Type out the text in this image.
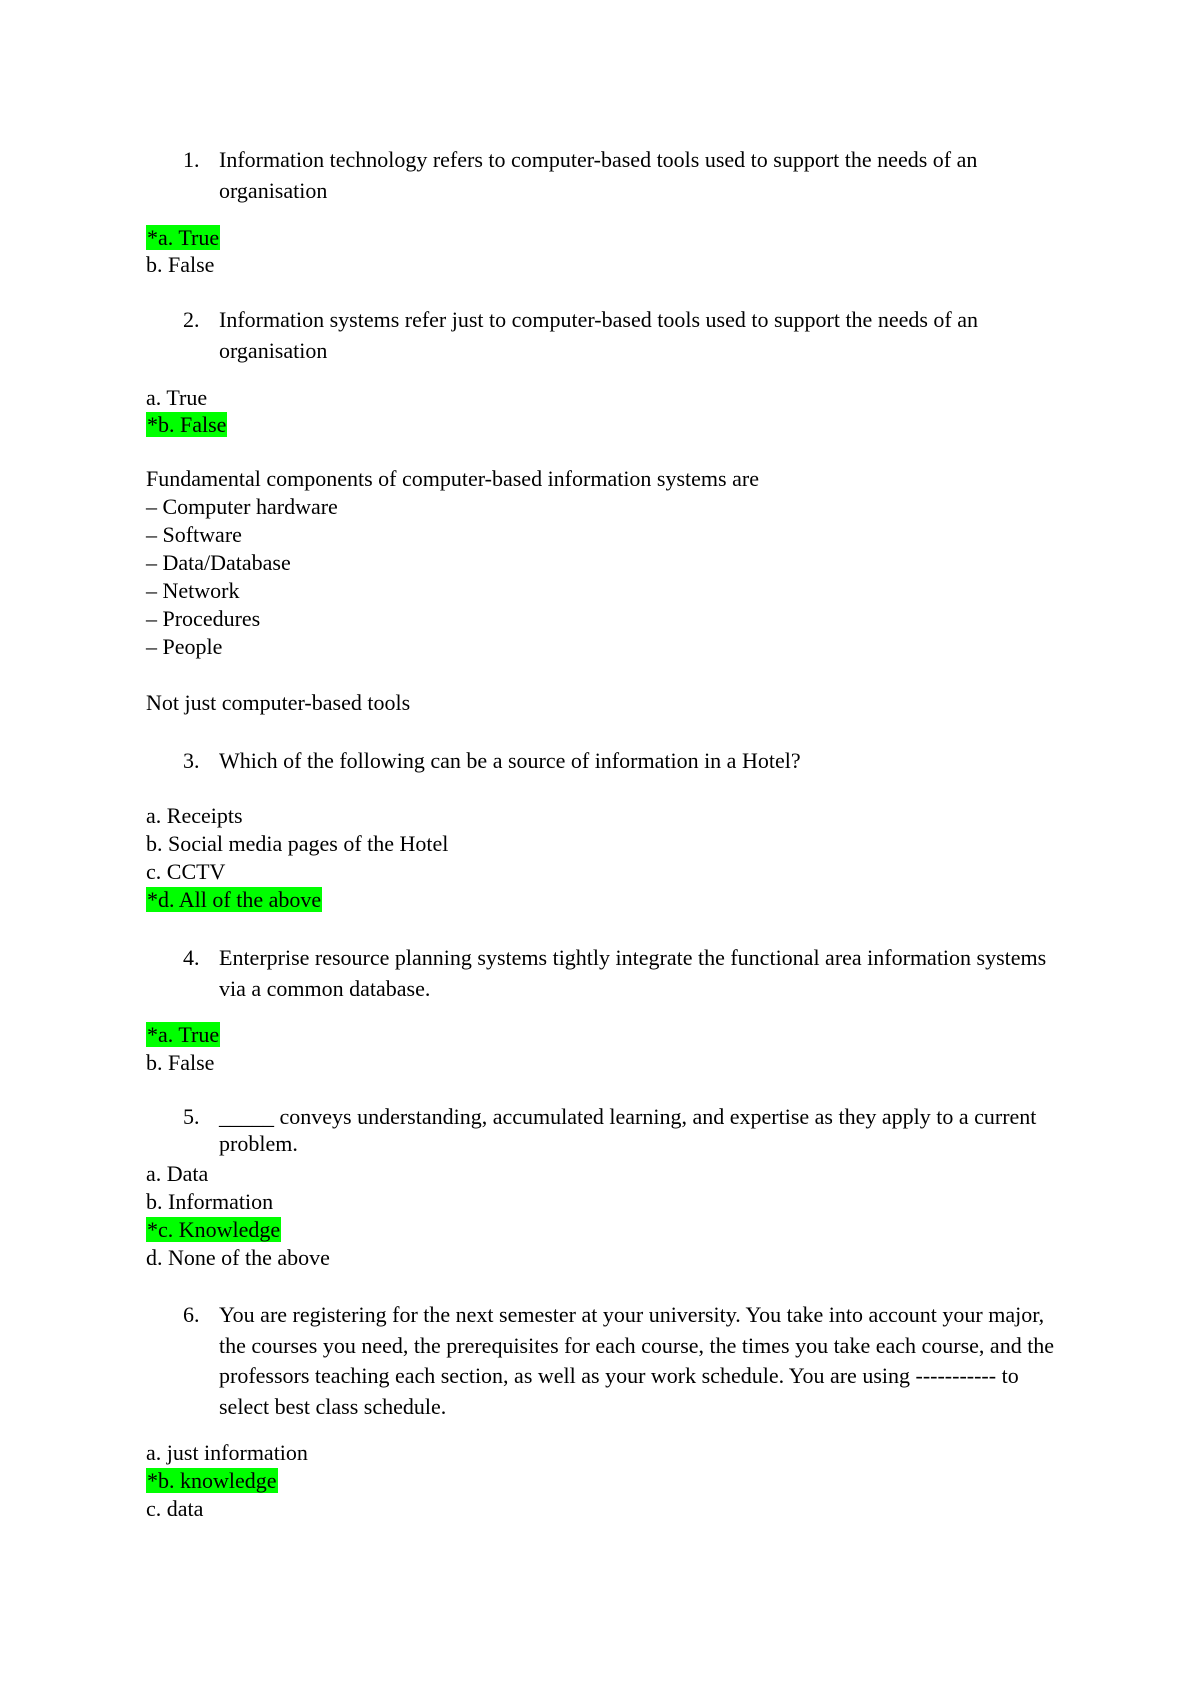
1. Information technology refers to computer-based tools used to support the needs of an organisation
*a. True
b. False
2. Information systems refer just to computer-based tools used to support the needs of an organisation
a. True
*b. False
Fundamental components of computer-based information systems are
– Computer hardware
– Software
– Data/Database
– Network
– Procedures
– People
Not just computer-based tools
3. Which of the following can be a source of information in a Hotel?
a. Receipts
b. Social media pages of the Hotel
c. CCTV
*d. All of the above
4. Enterprise resource planning systems tightly integrate the functional area information systems via a common database.
*a. True
b. False
5. _____ conveys understanding, accumulated learning, and expertise as they apply to a current problem.
a. Data
b. Information
*c. Knowledge
d. None of the above
6. You are registering for the next semester at your university. You take into account your major, the courses you need, the prerequisites for each course, the times you take each course, and the professors teaching each section, as well as your work schedule. You are using ----------- to select best class schedule.
a. just information
*b. knowledge
c. data
